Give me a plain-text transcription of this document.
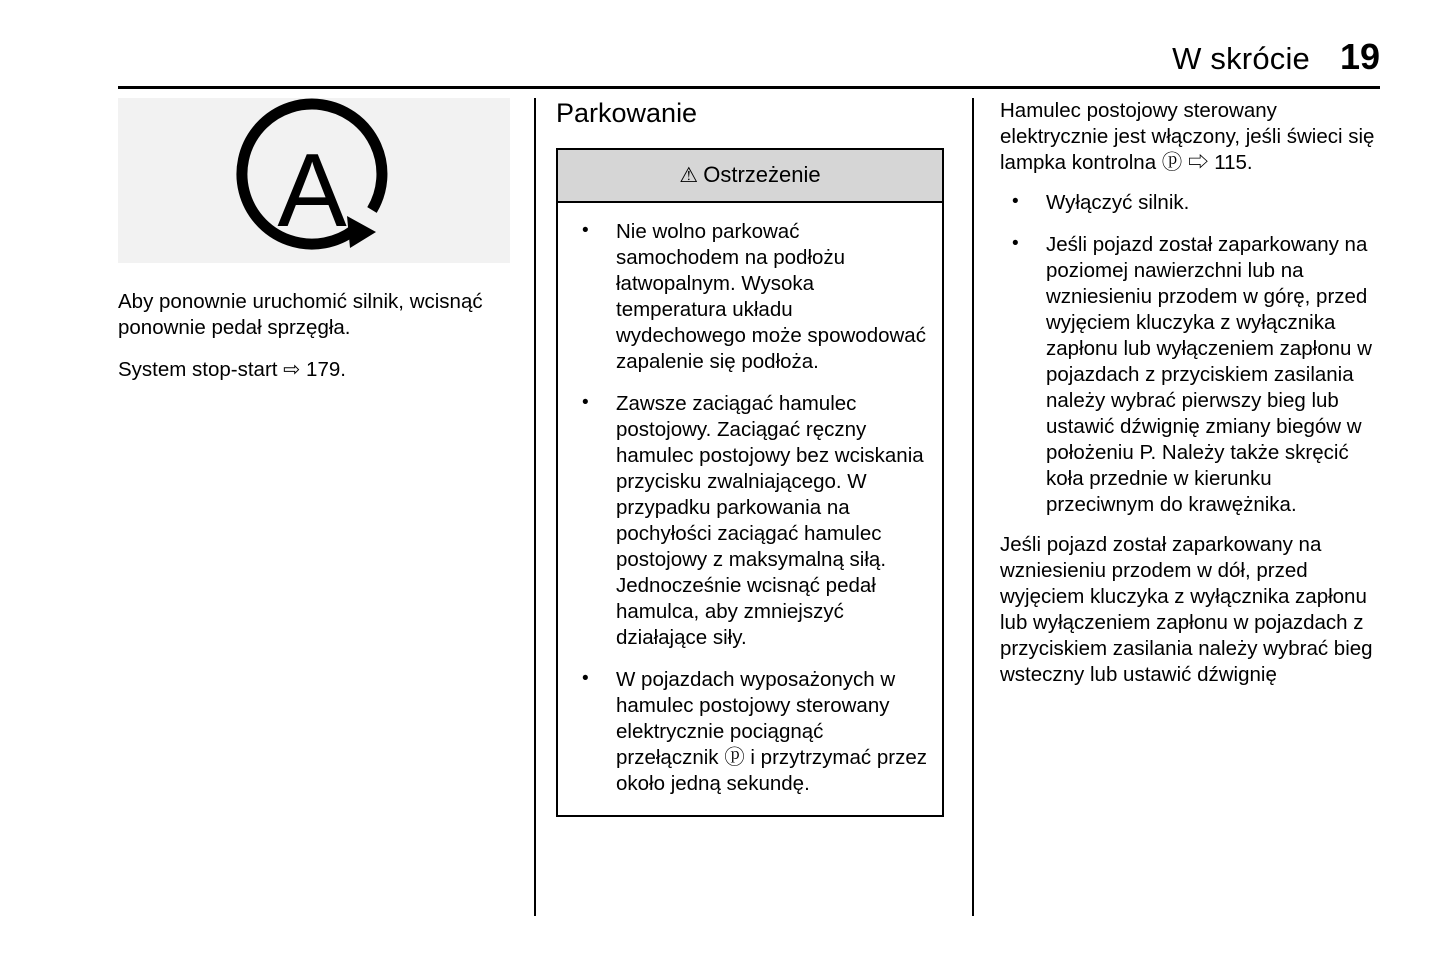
W skrócie 19
A

Aby ponownie uruchomić silnik, wcisnąć ponownie pedał sprzęgła.

System stop-start ⇨ 179.

Parkowanie
⚠ Ostrzeżenie
• Nie wolno parkować samochodem na podłożu łatwopalnym. Wysoka temperatura układu wydechowego może spowodować zapalenie się podłoża.
• Zawsze zaciągać hamulec postojowy. Zaciągać ręczny hamulec postojowy bez wciskania przycisku zwalniającego. W przypadku parkowania na pochyłości zaciągać hamulec postojowy z maksymalną siłą. Jednocześnie wcisnąć pedał hamulca, aby zmniejszyć działające siły.
• W pojazdach wyposażonych w hamulec postojowy sterowany elektrycznie pociągnąć przełącznik ⓟ i przytrzymać przez około jedną sekundę.

Hamulec postojowy sterowany elektrycznie jest włączony, jeśli świeci się lampka kontrolna ⓟ ⇨ 115.

• Wyłączyć silnik.
• Jeśli pojazd został zaparkowany na poziomej nawierzchni lub na wzniesieniu przodem w górę, przed wyjęciem kluczyka z wyłącznika zapłonu lub wyłączeniem zapłonu w pojazdach z przyciskiem zasilania należy wybrać pierwszy bieg lub ustawić dźwignię zmiany biegów w położeniu P. Należy także skręcić koła przednie w kierunku przeciwnym do krawężnika.

Jeśli pojazd został zaparkowany na wzniesieniu przodem w dół, przed wyjęciem kluczyka z wyłącznika zapłonu lub wyłączeniem zapłonu w pojazdach z przyciskiem zasilania należy wybrać bieg wsteczny lub ustawić dźwignię
